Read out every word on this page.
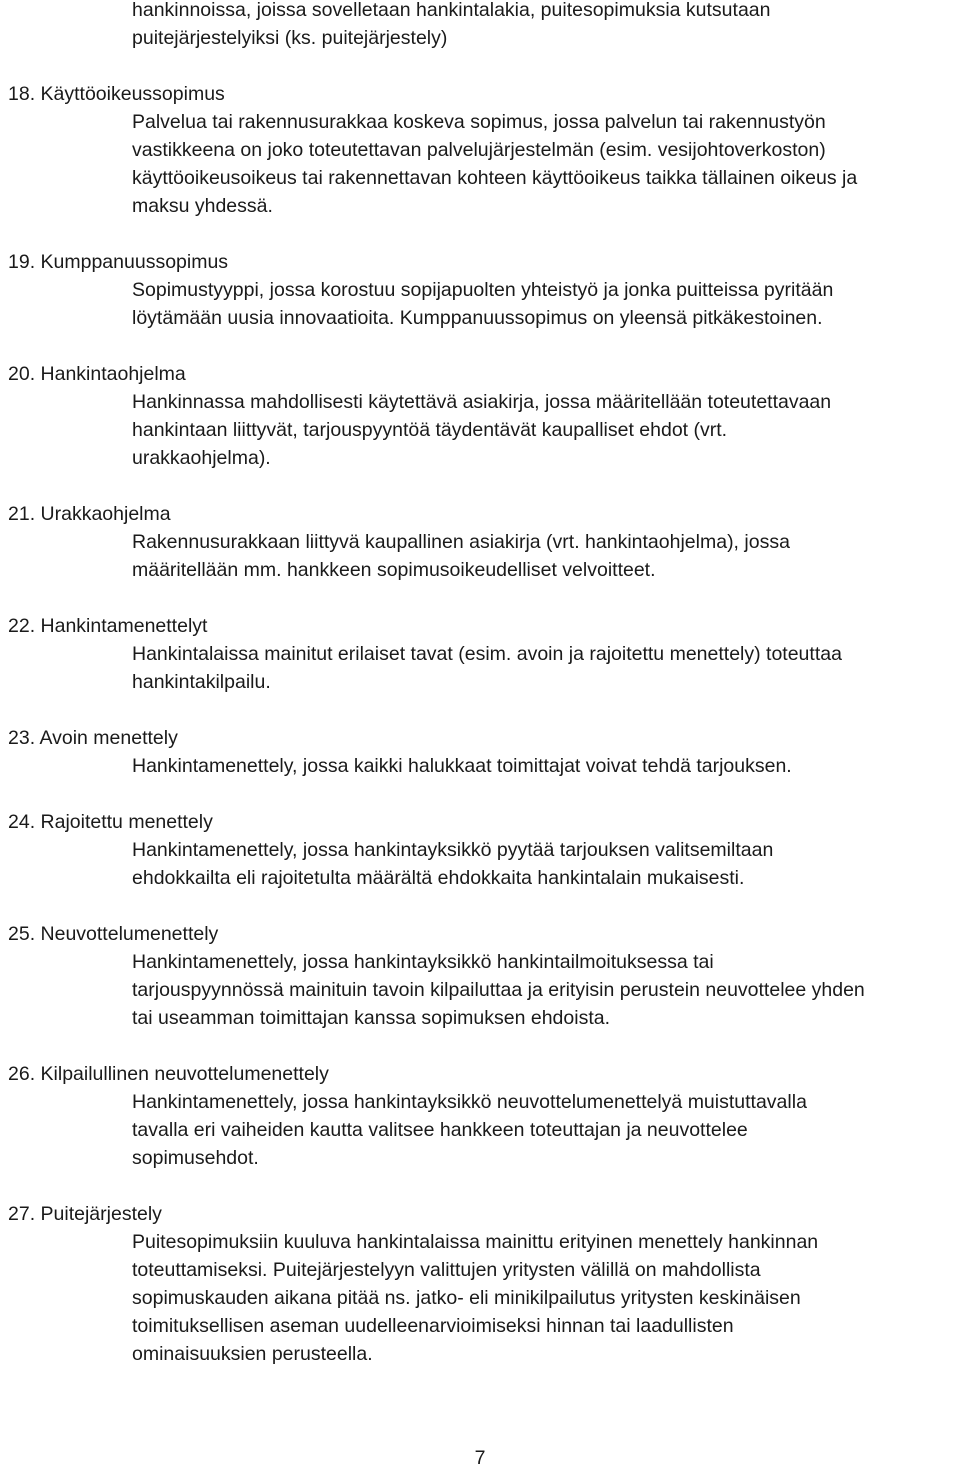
hankinnoissa, joissa sovelletaan hankintalakia, puitesopimuksia kutsutaan
puitejärjestelyiksi (ks. puitejärjestely)
18. Käyttöoikeussopimus
Palvelua tai rakennusurakkaa koskeva sopimus, jossa palvelun tai rakennustyön
vastikkeena on joko toteutettavan palvelujärjestelmän (esim. vesijohtoverkoston)
käyttöoikeusoikeus tai rakennettavan kohteen käyttöoikeus taikka tällainen oikeus ja
maksu yhdessä.
19. Kumppanuussopimus
Sopimustyyppi, jossa korostuu sopijapuolten yhteistyö ja jonka puitteissa pyritään
löytämään uusia innovaatioita. Kumppanuussopimus on yleensä pitkäkestoinen.
20. Hankintaohjelma
Hankinnassa mahdollisesti käytettävä asiakirja, jossa määritellään toteutettavaan
hankintaan liittyvät, tarjouspyyntöä täydentävät kaupalliset ehdot (vrt.
urakkaohjelma).
21. Urakkaohjelma
Rakennusurakkaan liittyvä kaupallinen asiakirja (vrt. hankintaohjelma), jossa
määritellään mm. hankkeen sopimusoikeudelliset velvoitteet.
22. Hankintamenettelyt
Hankintalaissa mainitut erilaiset tavat (esim. avoin ja rajoitettu menettely) toteuttaa
hankintakilpailu.
23. Avoin menettely
Hankintamenettely, jossa kaikki halukkaat toimittajat voivat tehdä tarjouksen.
24. Rajoitettu menettely
Hankintamenettely, jossa hankintayksikkö pyytää tarjouksen valitsemiltaan
ehdokkailta eli rajoitetulta määrältä ehdokkaita hankintalain mukaisesti.
25. Neuvottelumenettely
Hankintamenettely, jossa hankintayksikkö hankintailmoituksessa tai
tarjouspyynnössä mainituin tavoin kilpailuttaa ja erityisin perustein neuvottelee yhden
tai useamman toimittajan kanssa sopimuksen ehdoista.
26. Kilpailullinen neuvottelumenettely
Hankintamenettely, jossa hankintayksikkö neuvottelumenettelyä muistuttavalla
tavalla eri vaiheiden kautta valitsee hankkeen toteuttajan ja neuvottelee
sopimusehdot.
27. Puitejärjestely
Puitesopimuksiin kuuluva hankintalaissa mainittu erityinen menettely hankinnan
toteuttamiseksi. Puitejärjestelyyn valittujen yritysten välillä on mahdollista
sopimuskauden aikana pitää ns. jatko- eli minikilpailutus yritysten keskinäisen
toimituksellisen aseman uudelleenarvioimiseksi hinnan tai laadullisten
ominaisuuksien perusteella.
7
